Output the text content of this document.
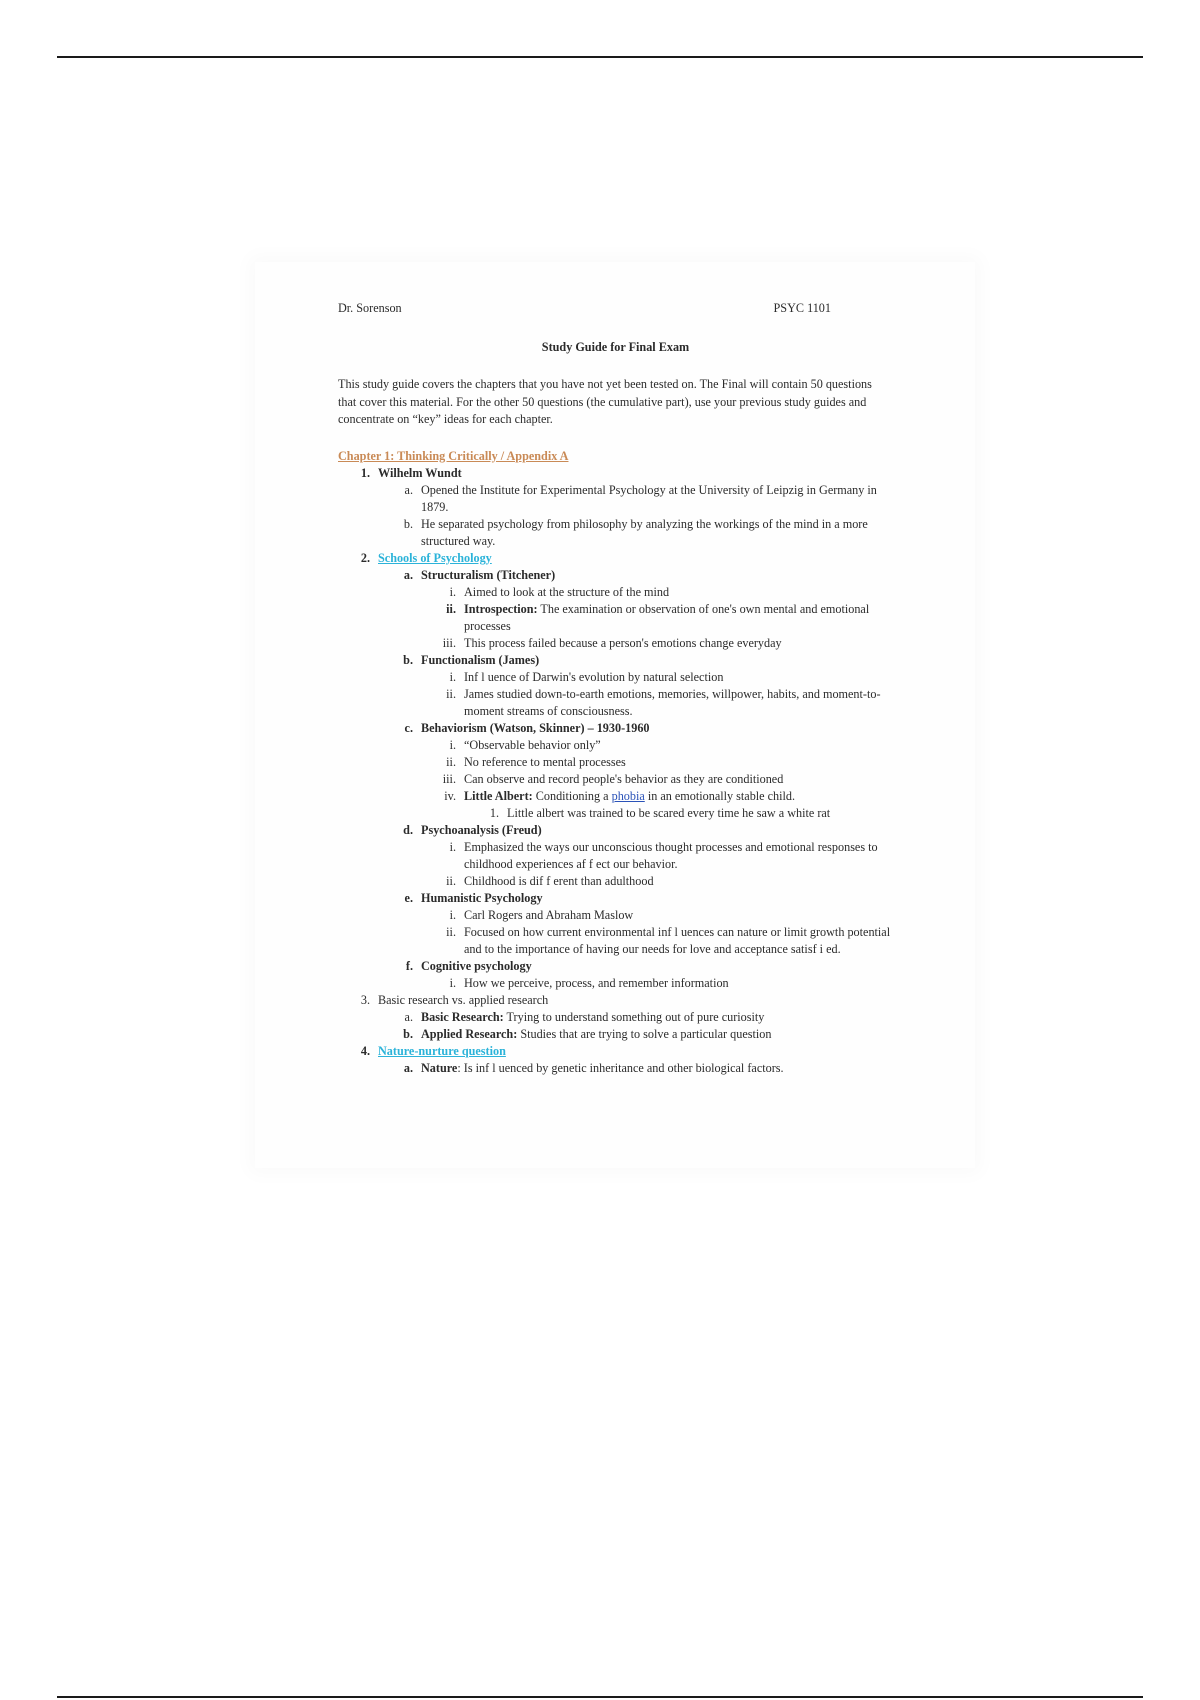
Dr. Sorenson	PSYC 1101
Study Guide for Final Exam
This study guide covers the chapters that you have not yet been tested on. The Final will contain 50 questions that cover this material. For the other 50 questions (the cumulative part), use your previous study guides and concentrate on “key” ideas for each chapter.
Chapter 1: Thinking Critically / Appendix A
1. Wilhelm Wundt
a. Opened the Institute for Experimental Psychology at the University of Leipzig in Germany in 1879.
b. He separated psychology from philosophy by analyzing the workings of the mind in a more structured way.
2. Schools of Psychology
a. Structuralism (Titchener)
i. Aimed to look at the structure of the mind
ii. Introspection: The examination or observation of one's own mental and emotional processes
iii. This process failed because a person's emotions change everyday
b. Functionalism (James)
i. Inf l uence of Darwin's evolution by natural selection
ii. James studied down-to-earth emotions, memories, willpower, habits, and moment-to-moment streams of consciousness.
c. Behaviorism (Watson, Skinner) – 1930-1960
i. “Observable behavior only”
ii. No reference to mental processes
iii. Can observe and record people's behavior as they are conditioned
iv. Little Albert: Conditioning a phobia in an emotionally stable child.
1. Little albert was trained to be scared every time he saw a white rat
d. Psychoanalysis (Freud)
i. Emphasized the ways our unconscious thought processes and emotional responses to childhood experiences af f ect our behavior.
ii. Childhood is dif f erent than adulthood
e. Humanistic Psychology
i. Carl Rogers and Abraham Maslow
ii. Focused on how current environmental inf l uences can nature or limit growth potential and to the importance of having our needs for love and acceptance satisf i ed.
f. Cognitive psychology
i. How we perceive, process, and remember information
3. Basic research vs. applied research
a. Basic Research: Trying to understand something out of pure curiosity
b. Applied Research: Studies that are trying to solve a particular question
4. Nature-nurture question
a. Nature: Is inf l uenced by genetic inheritance and other biological factors.
